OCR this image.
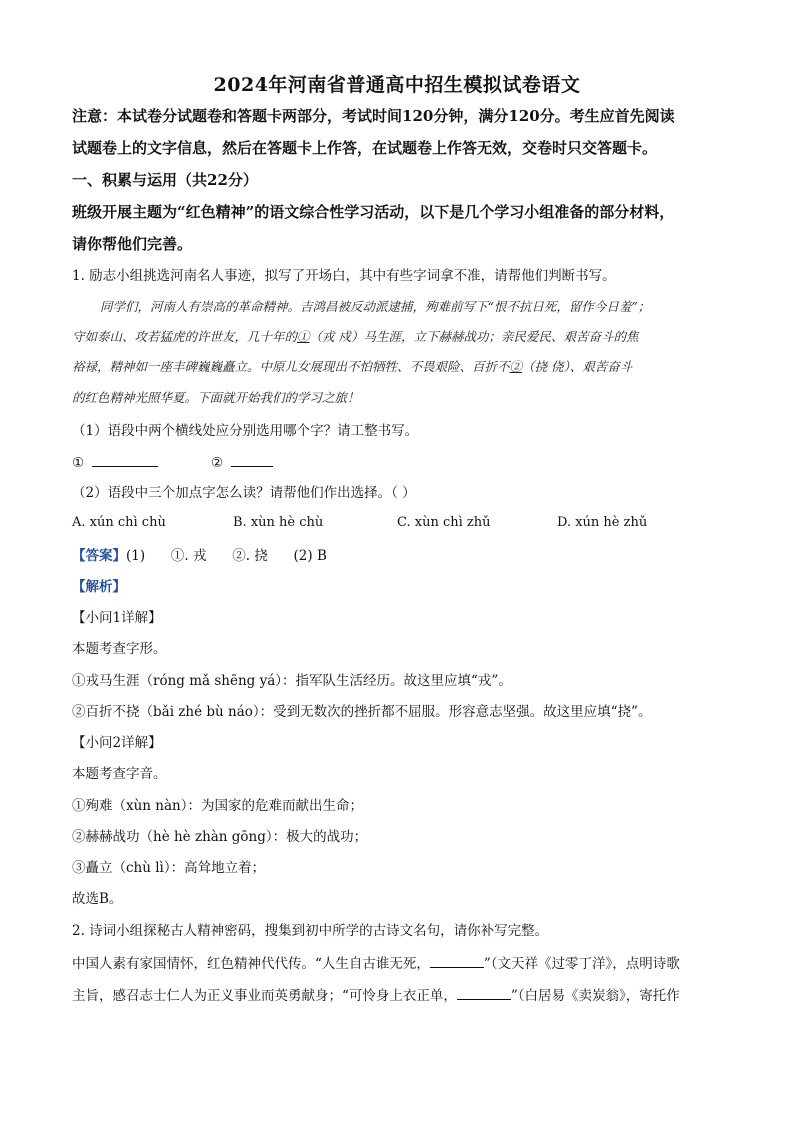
2024年河南省普通高中招生模拟试卷语文
注意：本试卷分试题卷和答题卡两部分，考试时间120分钟，满分120分。考生应首先阅读
试题卷上的文字信息，然后在答题卡上作答，在试题卷上作答无效，交卷时只交答题卡。
一、积累与运用（共22分）
班级开展主题为“红色精神”的语文综合性学习活动，以下是几个学习小组准备的部分材料，
请你帮他们完善。
1. 励志小组挑选河南名人事迹，拟写了开场白，其中有些字词拿不准，请帮他们判断书写。
同学们，河南人有崇高的革命精神。吉鸿昌被反动派逮捕，殉难前写下“恨不抗日死，留作今日羞”；
守如泰山、攻若猛虎的许世友，几十年的①（戎 戍）马生涯，立下赫赫战功；亲民爱民、艰苦奋斗的焦
裕禄，精神如一座丰碑巍巍矗立。中原儿女展现出不怕牺牲、不畏艰险、百折不②（挠 侥）、艰苦奋斗
的红色精神光照华夏。下面就开始我们的学习之旅！
（1）语段中两个横线处应分别选用哪个字？请工整书写。
①	②
（2）语段中三个加点字怎么读？请帮他们作出选择。（ ）
A. xún chì chù	B. xùn hè chù	C. xùn chì zhǔ	D. xún hè zhǔ
【答案】(1)      ①. 戎      ②. 挠      (2) B
【解析】
【小问1详解】
本题考查字形。
①戎马生涯（róng mǎ shēng yá）：指军队生活经历。故这里应填“戎”。
②百折不挠（bǎi zhé bù náo）：受到无数次的挫折都不屈服。形容意志坚强。故这里应填“挠”。
【小问2详解】
本题考查字音。
①殉难（xùn nàn）：为国家的危难而献出生命；
②赫赫战功（hè hè zhàn gōng）：极大的战功；
③矗立（chù lì）：高耸地立着；
故选B。
2. 诗词小组探秘古人精神密码，搜集到初中所学的古诗文名句，请你补写完整。
中国人素有家国情怀，红色精神代代传。“人生自古谁无死，	”（文天祥《过零丁洋》，点明诗歌
主旨，感召志士仁人为正义事业而英勇献身；“可怜身上衣正单，	”（白居易《卖炭翁》，寄托作
